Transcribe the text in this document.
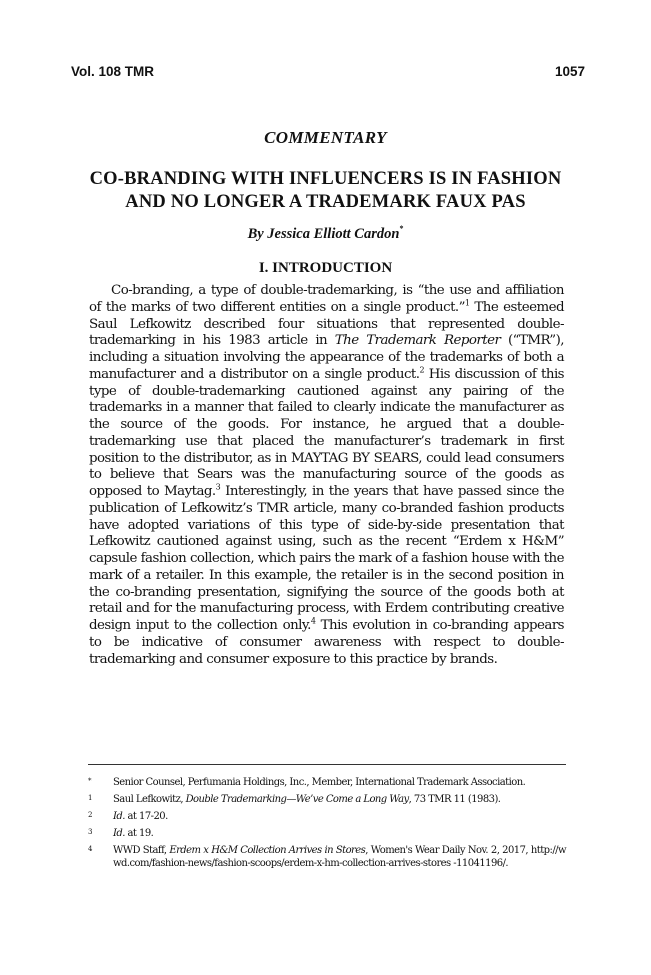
Vol. 108 TMR	1057
COMMENTARY
CO-BRANDING WITH INFLUENCERS IS IN FASHION
AND NO LONGER A TRADEMARK FAUX PAS
By Jessica Elliott Cardon*
I. INTRODUCTION

Co-branding, a type of double-trademarking, is “the use and affiliation of the marks of two different entities on a single product.”$^1$ The esteemed Saul Lefkowitz described four situations that represented double-trademarking in his 1983 article in The Trademark Reporter (“TMR”), including a situation involving the appearance of the trademarks of both a manufacturer and a distributor on a single product.$^2$ His discussion of this type of double-trademarking cautioned against any pairing of the trademarks in a manner that failed to clearly indicate the manufacturer as the source of the goods. For instance, he argued that a double-trademarking use that placed the manufacturer’s trademark in first position to the distributor, as in MAYTAG BY SEARS, could lead consumers to believe that Sears was the manufacturing source of the goods as opposed to Maytag.$^3$ Interestingly, in the years that have passed since the publication of Lefkowitz’s TMR article, many co-branded fashion products have adopted variations of this type of side-by-side presentation that Lefkowitz cautioned against using, such as the recent “Erdem x H&M” capsule fashion collection, which pairs the mark of a fashion house with the mark of a retailer. In this example, the retailer is in the second position in the co-branding presentation, signifying the source of the goods both at retail and for the manufacturing process, with Erdem contributing creative design input to the collection only.$^4$ This evolution in co-branding appears to be indicative of consumer awareness with respect to double-trademarking and consumer exposure to this practice by brands.

* Senior Counsel, Perfumania Holdings, Inc., Member, International Trademark Association.
1 Saul Lefkowitz, Double Trademarking—We’ve Come a Long Way, 73 TMR 11 (1983).
2 Id. at 17-20.
3 Id. at 19.
4 WWD Staff, Erdem x H&M Collection Arrives in Stores, Women's Wear Daily Nov. 2, 2017, http://wwd.com/fashion-news/fashion-scoops/erdem-x-hm-collection-arrives-stores -11041196/.
